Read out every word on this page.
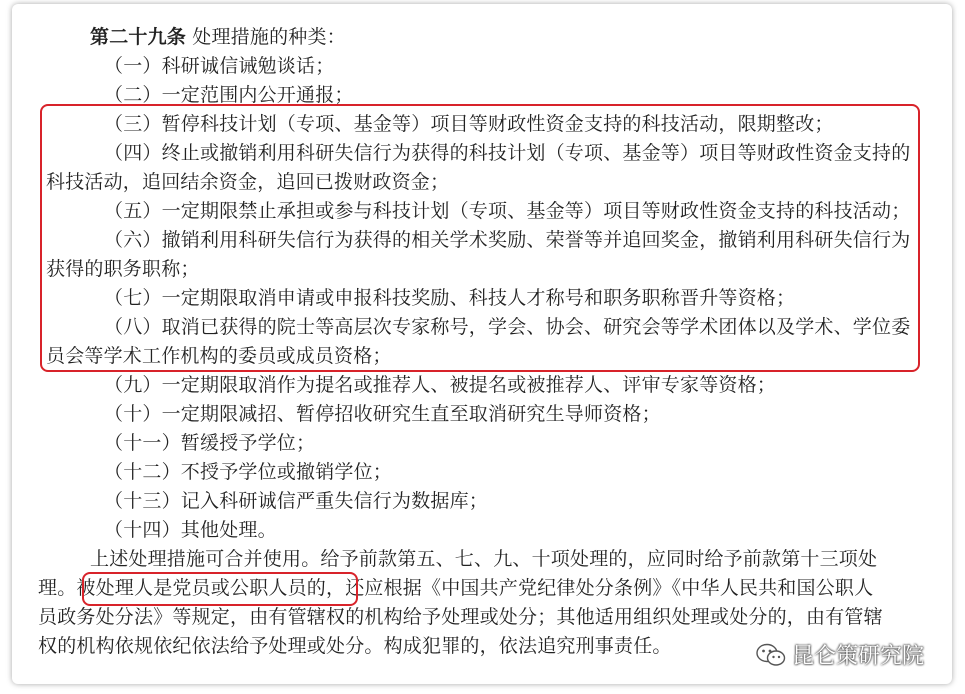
第二十九条 处理措施的种类：
（一）科研诚信诫勉谈话；
（二）一定范围内公开通报；
（三）暂停科技计划（专项、基金等）项目等财政性资金支持的科技活动，限期整改；
（四）终止或撤销利用科研失信行为获得的科技计划（专项、基金等）项目等财政性资金支持的
科技活动，追回结余资金，追回已拨财政资金；
（五）一定期限禁止承担或参与科技计划（专项、基金等）项目等财政性资金支持的科技活动；
（六）撤销利用科研失信行为获得的相关学术奖励、荣誉等并追回奖金，撤销利用科研失信行为
获得的职务职称；
（七）一定期限取消申请或申报科技奖励、科技人才称号和职务职称晋升等资格；
（八）取消已获得的院士等高层次专家称号，学会、协会、研究会等学术团体以及学术、学位委
员会等学术工作机构的委员或成员资格；
（九）一定期限取消作为提名或推荐人、被提名或被推荐人、评审专家等资格；
（十）一定期限减招、暂停招收研究生直至取消研究生导师资格；
（十一）暂缓授予学位；
（十二）不授予学位或撤销学位；
（十三）记入科研诚信严重失信行为数据库；
（十四）其他处理。
上述处理措施可合并使用。给予前款第五、七、九、十项处理的，应同时给予前款第十三项处
理。被处理人是党员或公职人员的，还应根据《中国共产党纪律处分条例》《中华人民共和国公职人
员政务处分法》等规定，由有管辖权的机构给予处理或处分；其他适用组织处理或处分的，由有管辖
权的机构依规依纪依法给予处理或处分。构成犯罪的，依法追究刑事责任。	昆仑策研究院
